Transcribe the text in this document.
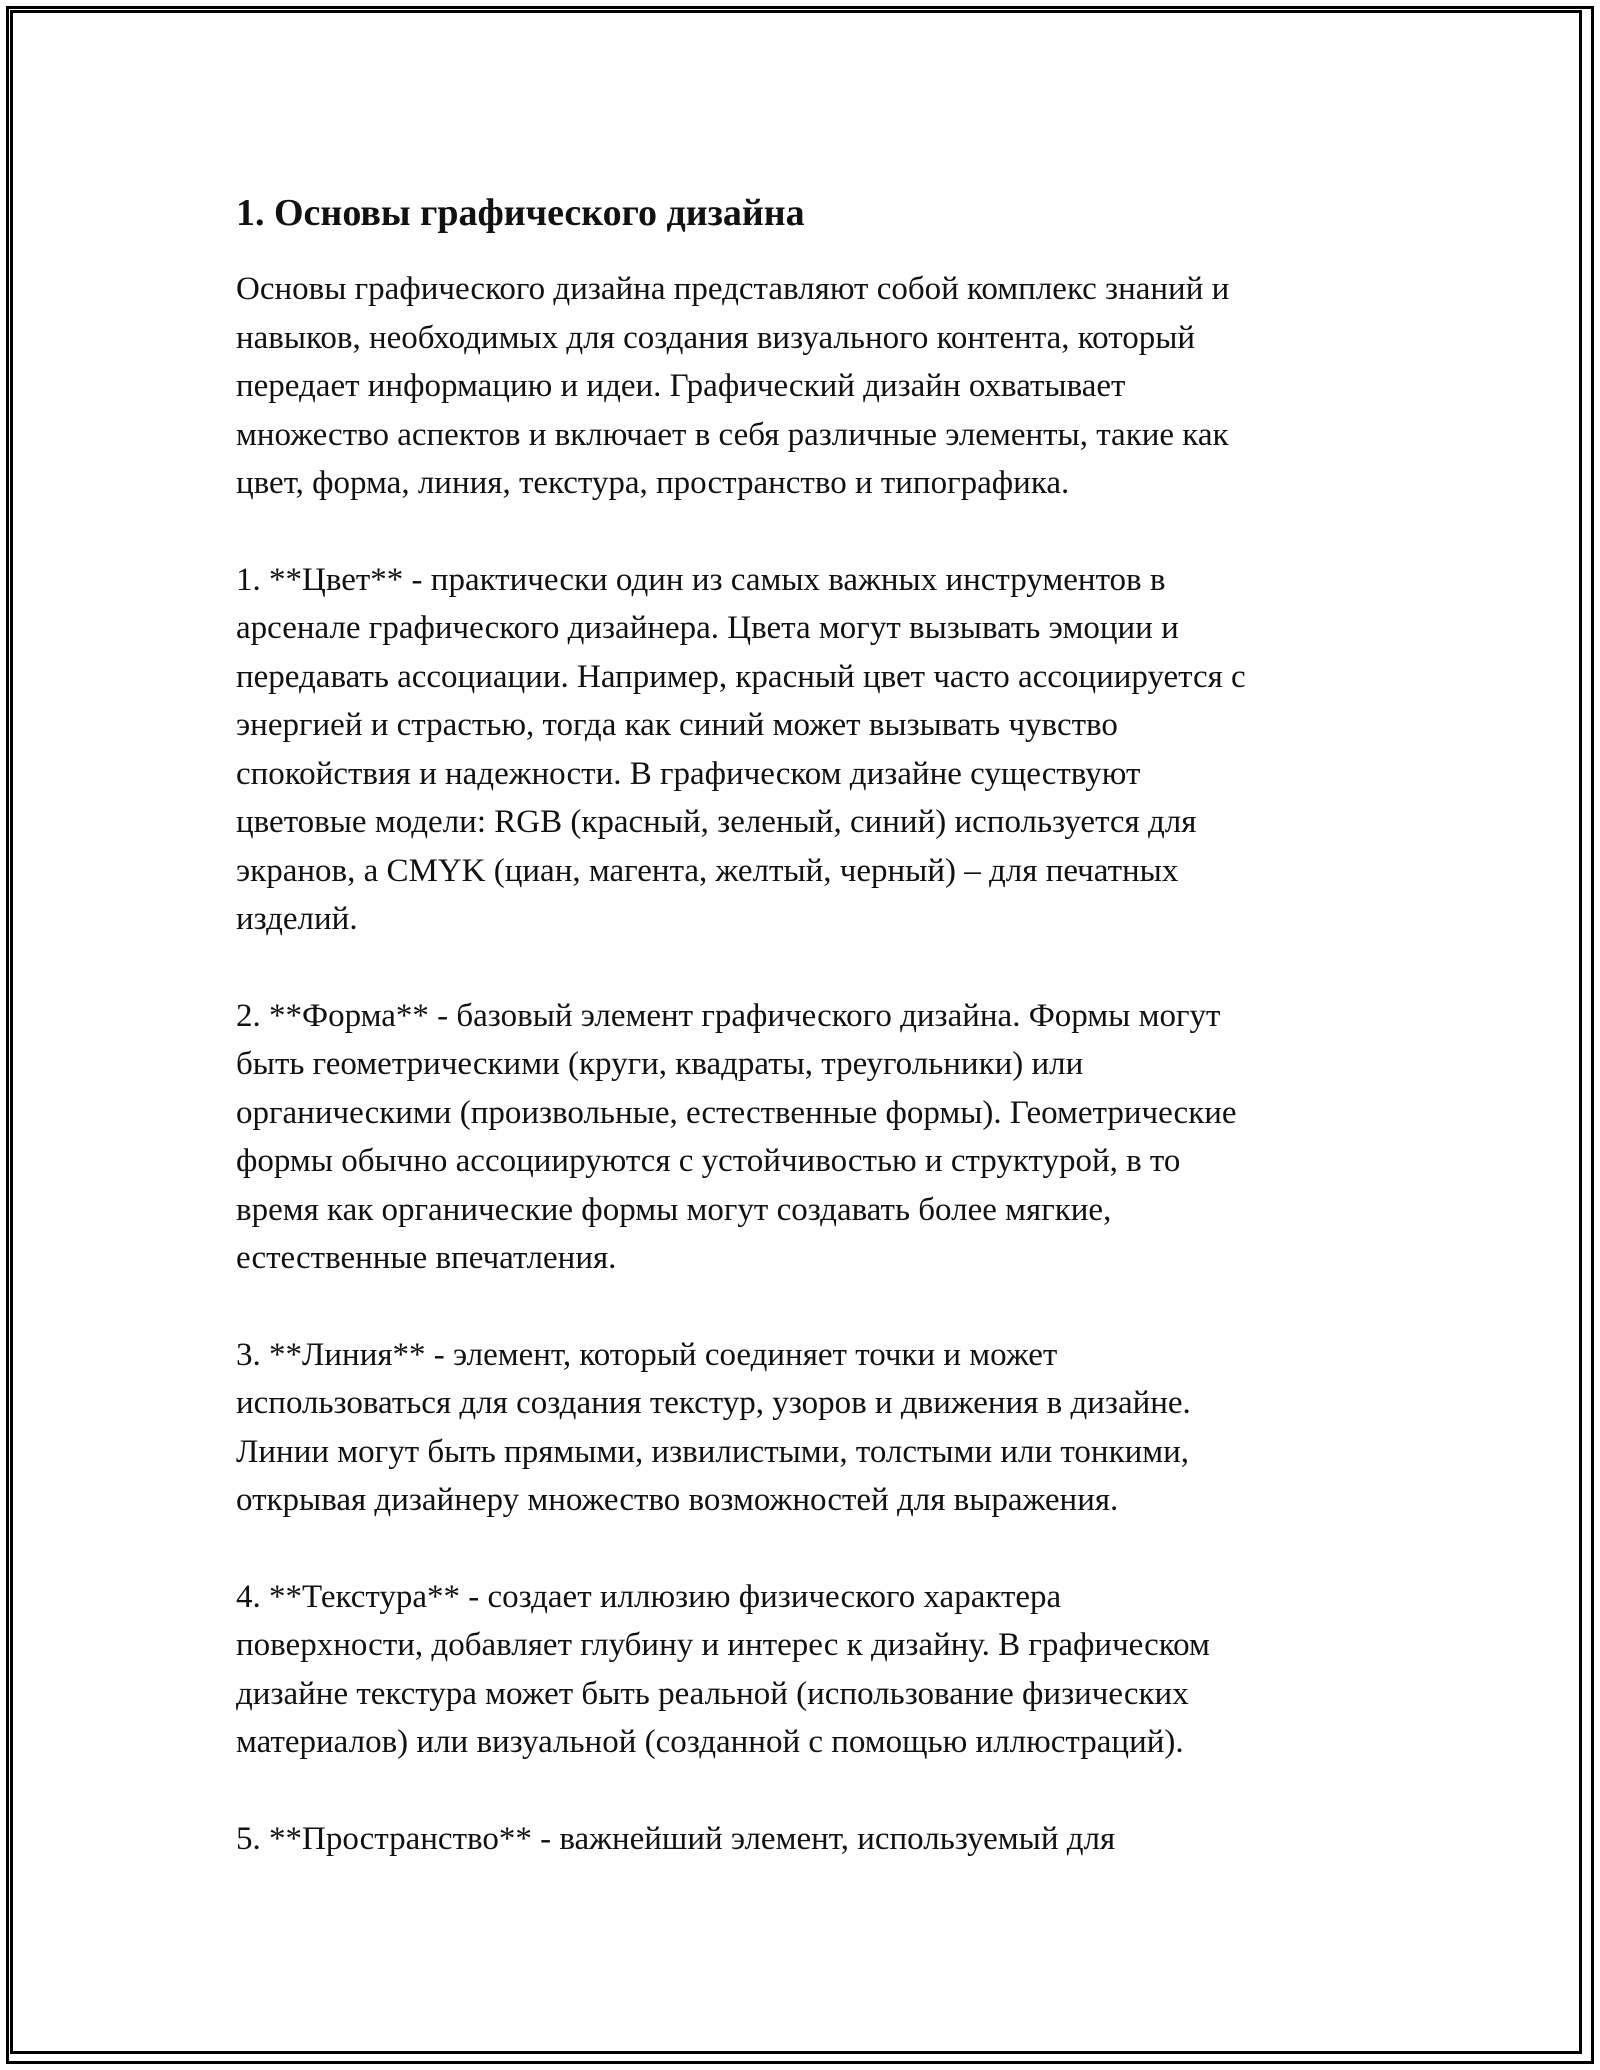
1. Основы графического дизайна
Основы графического дизайна представляют собой комплекс знаний и
навыков, необходимых для создания визуального контента, который
передает информацию и идеи. Графический дизайн охватывает
множество аспектов и включает в себя различные элементы, такие как
цвет, форма, линия, текстура, пространство и типографика.
1. **Цвет** - практически один из самых важных инструментов в
арсенале графического дизайнера. Цвета могут вызывать эмоции и
передавать ассоциации. Например, красный цвет часто ассоциируется с
энергией и страстью, тогда как синий может вызывать чувство
спокойствия и надежности. В графическом дизайне существуют
цветовые модели: RGB (красный, зеленый, синий) используется для
экранов, а CMYK (циан, магента, желтый, черный) – для печатных
изделий.
2. **Форма** - базовый элемент графического дизайна. Формы могут
быть геометрическими (круги, квадраты, треугольники) или
органическими (произвольные, естественные формы). Геометрические
формы обычно ассоциируются с устойчивостью и структурой, в то
время как органические формы могут создавать более мягкие,
естественные впечатления.
3. **Линия** - элемент, который соединяет точки и может
использоваться для создания текстур, узоров и движения в дизайне.
Линии могут быть прямыми, извилистыми, толстыми или тонкими,
открывая дизайнеру множество возможностей для выражения.
4. **Текстура** - создает иллюзию физического характера
поверхности, добавляет глубину и интерес к дизайну. В графическом
дизайне текстура может быть реальной (использование физических
материалов) или визуальной (созданной с помощью иллюстраций).
5. **Пространство** - важнейший элемент, используемый для
